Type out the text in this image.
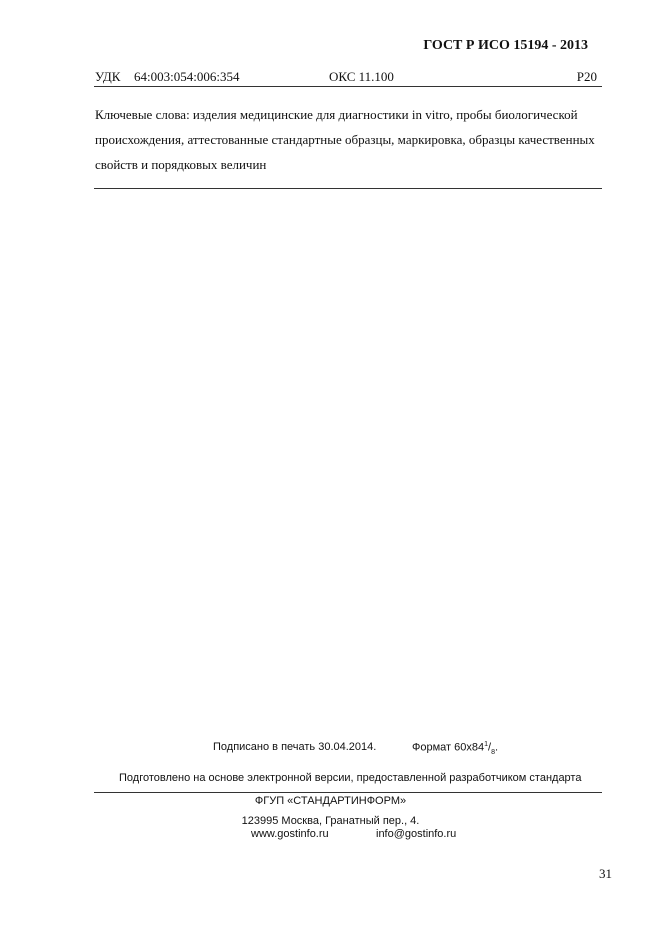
ГОСТ Р ИСО 15194 - 2013
УДК 64:003:054:006:354	ОКС 11.100	Р20
Ключевые слова: изделия медицинские для диагностики in vitro, пробы биологической происхождения, аттестованные стандартные образцы, маркировка, образцы качественных свойств и порядковых величин
Подписано в печать 30.04.2014.	Формат $60х84^1/_8$.
Подготовлено на основе электронной версии, предоставленной разработчиком стандарта
ФГУП «СТАНДАРТИНФОРМ»
123995 Москва, Гранатный пер., 4.
www.gostinfo.ru	info@gostinfo.ru
31
